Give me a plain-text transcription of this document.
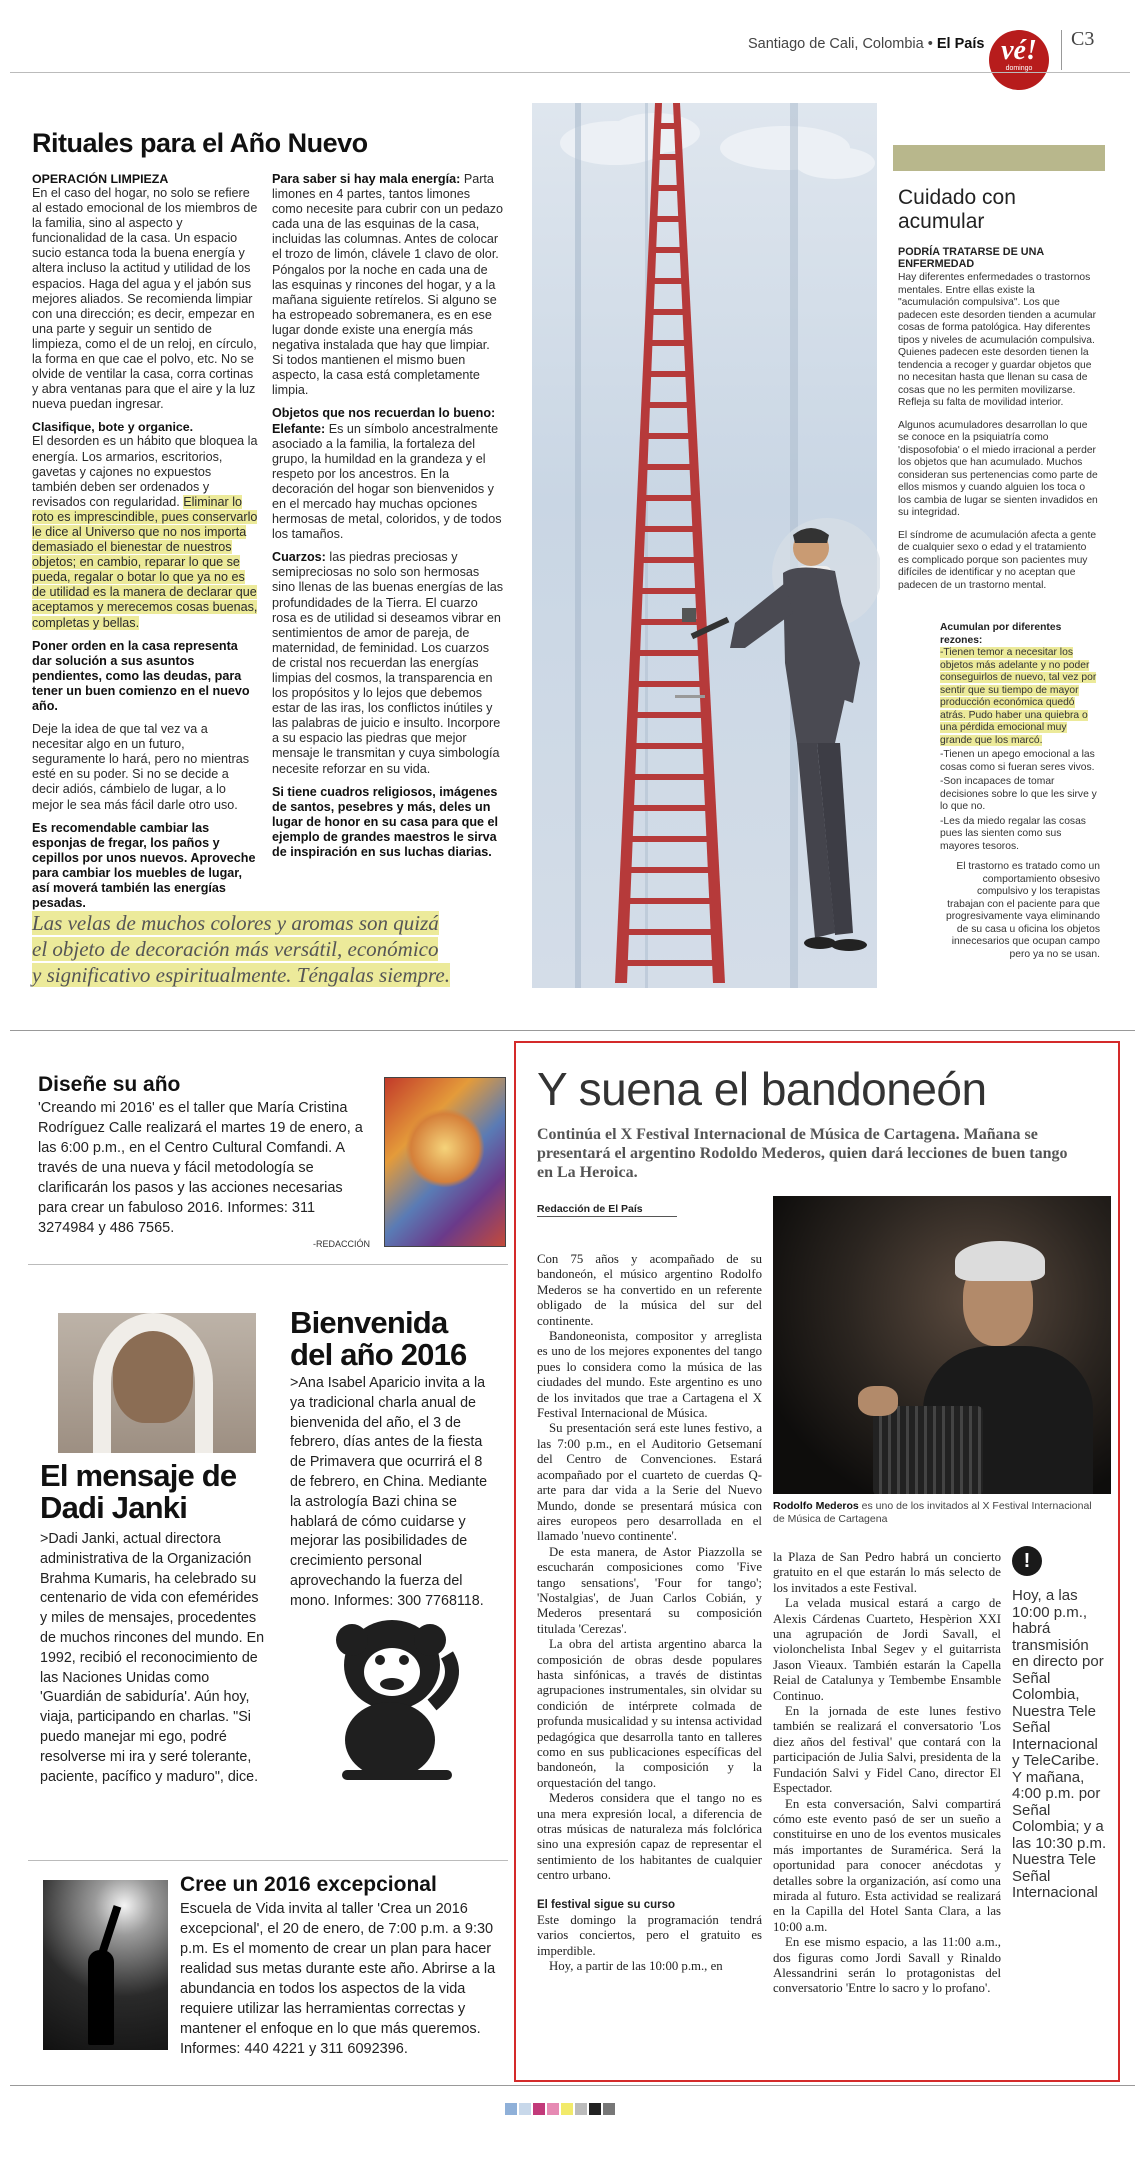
Santiago de Cali, Colombia • El País vé!
domingo
C3
Rituales para el Año Nuevo
OPERACIÓN LIMPIEZA

En el caso del hogar, no solo se refiere al estado emocional de los miembros de la familia, sino al aspecto y funcionalidad de la casa. Un espacio sucio estanca toda la buena energía y altera incluso la actitud y utilidad de los espacios. Haga del agua y el jabón sus mejores aliados. Se recomienda limpiar con una dirección; es decir, empezar en una parte y seguir un sentido de limpieza, como el de un reloj, en círculo, la forma en que cae el polvo, etc. No se olvide de ventilar la casa, corra cortinas y abra ventanas para que el aire y la luz nueva puedan ingresar.

Clasifique, bote y organice.

El desorden es un hábito que bloquea la energía. Los armarios, escritorios, gavetas y cajones no expuestos también deben ser ordenados y revisados con regularidad. Eliminar lo roto es imprescindible, pues conservarlo le dice al Universo que no nos importa demasiado el bienestar de nuestros objetos; en cambio, reparar lo que se pueda, regalar o botar lo que ya no es de utilidad es la manera de declarar que aceptamos y merecemos cosas buenas, completas y bellas.

Poner orden en la casa representa dar solución a sus asuntos pendientes, como las deudas, para tener un buen comienzo en el nuevo año.

Deje la idea de que tal vez va a necesitar algo en un futuro, seguramente lo hará, pero no mientras esté en su poder. Si no se decide a decir adiós, cámbielo de lugar, a lo mejor le sea más fácil darle otro uso.

Es recomendable cambiar las esponjas de fregar, los paños y cepillos por unos nuevos. Aproveche para cambiar los muebles de lugar, así moverá también las energías pesadas.

Para saber si hay mala energía: Parta limones en 4 partes, tantos limones como necesite para cubrir con un pedazo cada una de las esquinas de la casa, incluidas las columnas. Antes de colocar el trozo de limón, clávele 1 clavo de olor. Póngalos por la noche en cada una de las esquinas y rincones del hogar, y a la mañana siguiente retírelos. Si alguno se ha estropeado sobremanera, es en ese lugar donde existe una energía más negativa instalada que hay que limpiar. Si todos mantienen el mismo buen aspecto, la casa está completamente limpia.

Objetos que nos recuerdan lo bueno: Elefante: Es un símbolo ancestralmente asociado a la familia, la fortaleza del grupo, la humildad en la grandeza y el respeto por los ancestros. En la decoración del hogar son bienvenidos y en el mercado hay muchas opciones hermosas de metal, coloridos, y de todos los tamaños.

Cuarzos: las piedras preciosas y semipreciosas no solo son hermosas sino llenas de las buenas energías de las profundidades de la Tierra. El cuarzo rosa es de utilidad si deseamos vibrar en sentimientos de amor de pareja, de maternidad, de feminidad. Los cuarzos de cristal nos recuerdan las energías limpias del cosmos, la transparencia en los propósitos y lo lejos que debemos estar de las iras, los conflictos inútiles y las palabras de juicio e insulto. Incorpore a su espacio las piedras que mejor mensaje le transmitan y cuya simbología necesite reforzar en su vida.

Si tiene cuadros religiosos, imágenes de santos, pesebres y más, deles un lugar de honor en su casa para que el ejemplo de grandes maestros le sirva de inspiración en sus luchas diarias.

Las velas de muchos colores y aromas son quizá el objeto de decoración más versátil, económico y significativo espiritualmente. Téngalas siempre.
Cuidado con acumular
PODRÍA TRATARSE DE UNA ENFERMEDAD
Hay diferentes enfermedades o trastornos mentales. Entre ellas existe la "acumulación compulsiva". Los que padecen este desorden tienden a acumular cosas de forma patológica. Hay diferentes tipos y niveles de acumulación compulsiva. Quienes padecen este desorden tienen la tendencia a recoger y guardar objetos que no necesitan hasta que llenan su casa de cosas que no les permiten movilizarse. Refleja su falta de movilidad interior.
Algunos acumuladores desarrollan lo que se conoce en la psiquiatría como 'disposofobia' o el miedo irracional a perder los objetos que han acumulado. Muchos consideran sus pertenencias como parte de ellos mismos y cuando alguien los toca o los cambia de lugar se sienten invadidos en su integridad.
El síndrome de acumulación afecta a gente de cualquier sexo o edad y el tratamiento es complicado porque son pacientes muy difíciles de identificar y no aceptan que padecen de un trastorno mental.
Acumulan por diferentes rezones:
-Tienen temor a necesitar los objetos más adelante y no poder conseguirlos de nuevo, tal vez por sentir que su tiempo de mayor producción económica quedó atrás. Pudo haber una quiebra o una pérdida emocional muy grande que los marcó.
-Tienen un apego emocional a las cosas como si fueran seres vivos.
-Son incapaces de tomar decisiones sobre lo que les sirve y lo que no.
-Les da miedo regalar las cosas pues las sienten como sus mayores tesoros.
El trastorno es tratado como un comportamiento obsesivo compulsivo y los terapistas trabajan con el paciente para que progresivamente vaya eliminando de su casa u oficina los objetos innecesarios que ocupan campo pero ya no se usan.
Diseñe su año
'Creando mi 2016' es el taller que María Cristina Rodríguez Calle realizará el martes 19 de enero, a las 6:00 p.m., en el Centro Cultural Comfandi. A través de una nueva y fácil metodología se clarificarán los pasos y las acciones necesarias para crear un fabuloso 2016. Informes: 311 3274984 y 486 7565.
-REDACCIÓN
El mensaje de Dadi Janki
>Dadi Janki, actual directora administrativa de la Organización Brahma Kumaris, ha celebrado su centenario de vida con efemérides y miles de mensajes, procedentes de muchos rincones del mundo. En 1992, recibió el reconocimiento de las Naciones Unidas como 'Guardián de sabiduría'. Aún hoy, viaja, participando en charlas. "Si puedo manejar mi ego, podré resolverse mi ira y seré tolerante, paciente, pacífico y maduro", dice.
Bienvenida del año 2016
>Ana Isabel Aparicio invita a la ya tradicional charla anual de bienvenida del año, el 3 de febrero, días antes de la fiesta de Primavera que ocurrirá el 8 de febrero, en China. Mediante la astrología Bazi china se hablará de cómo cuidarse y mejorar las posibilidades de crecimiento personal aprovechando la fuerza del mono. Informes: 300 7768118.
Cree un 2016 excepcional
Escuela de Vida invita al taller 'Crea un 2016 excepcional', el 20 de enero, de 7:00 p.m. a 9:30 p.m. Es el momento de crear un plan para hacer realidad sus metas durante este año. Abrirse a la abundancia en todos los aspectos de la vida requiere utilizar las herramientas correctas y mantener el enfoque en lo que más queremos. Informes: 440 4221 y 311 6092396.
Y suena el bandoneón
Continúa el X Festival Internacional de Música de Cartagena. Mañana se presentará el argentino Rodoldo Mederos, quien dará lecciones de buen tango en La Heroica.
Redacción de El País
Rodolfo Mederos es uno de los invitados al X Festival Internacional de Música de Cartagena

Con 75 años y acompañado de su bandoneón, el músico argentino Rodolfo Mederos se ha convertido en un referente obligado de la música del sur del continente.

Bandoneonista, compositor y arreglista es uno de los mejores exponentes del tango pues lo considera como la música de las ciudades del mundo. Este argentino es uno de los invitados que trae a Cartagena el X Festival Internacional de Música.

Su presentación será este lunes festivo, a las 7:00 p.m., en el Auditorio Getsemaní del Centro de Convenciones. Estará acompañado por el cuarteto de cuerdas Q-arte para dar vida a la Serie del Nuevo Mundo, donde se presentará música con aires europeos pero desarrollada en el llamado 'nuevo continente'.

De esta manera, de Astor Piazzolla se escucharán composiciones como 'Five tango sensations', 'Four for tango'; 'Nostalgias', de Juan Carlos Cobián, y Mederos presentará su composición titulada 'Cerezas'.

La obra del artista argentino abarca la composición de obras desde populares hasta sinfónicas, a través de distintas agrupaciones instrumentales, sin olvidar su condición de intérprete colmada de profunda musicalidad y su intensa actividad pedagógica que desarrolla tanto en talleres como en sus publicaciones específicas del bandoneón, la composición y la orquestación del tango.

Mederos considera que el tango no es una mera expresión local, a diferencia de otras músicas de naturaleza más folclórica sino una expresión capaz de representar el sentimiento de los habitantes de cualquier centro urbano.

El festival sigue su curso

Este domingo la programación tendrá varios conciertos, pero el gratuito es imperdible.

Hoy, a partir de las 10:00 p.m., en

la Plaza de San Pedro habrá un concierto gratuito en el que estarán lo más selecto de los invitados a este Festival.

La velada musical estará a cargo de Alexis Cárdenas Cuarteto, Hespèrion XXI una agrupación de Jordi Savall, el violonchelista Inbal Segev y el guitarrista Jason Vieaux. También estarán la Capella Reial de Catalunya y Tembembe Ensamble Continuo.

En la jornada de este lunes festivo también se realizará el conversatorio 'Los diez años del festival' que contará con la participación de Julia Salvi, presidenta de la Fundación Salvi y Fidel Cano, director El Espectador.

En esta conversación, Salvi compartirá cómo este evento pasó de ser un sueño a constituirse en uno de los eventos musicales más importantes de Suramérica. Será la oportunidad para conocer anécdotas y detalles sobre la organización, así como una mirada al futuro. Esta actividad se realizará en la Capilla del Hotel Santa Clara, a las 10:00 a.m.

En ese mismo espacio, a las 11:00 a.m., dos figuras como Jordi Savall y Rinaldo Alessandrini serán lo protagonistas del conversatorio 'Entre lo sacro y lo profano'.

!
Hoy, a las 10:00 p.m., habrá transmisión en directo por Señal Colombia, Nuestra Tele Señal Internacional y TeleCaribe. Y mañana, 4:00 p.m. por Señal Colombia; y a las 10:30 p.m. Nuestra Tele Señal Internacional
